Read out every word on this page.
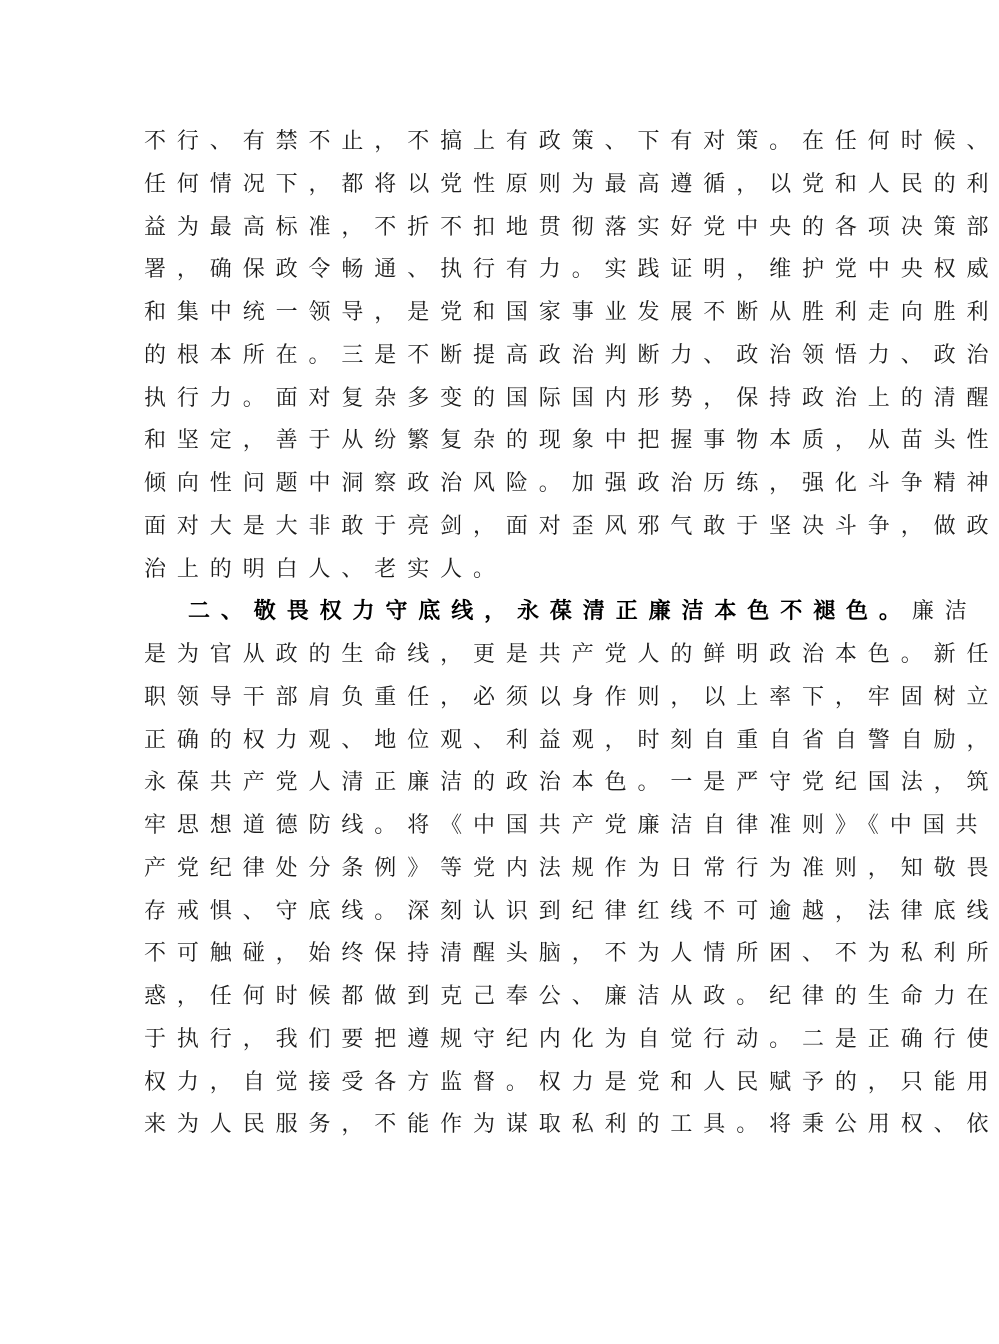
不行、有禁不止，不搞上有政策、下有对策。在任何时候、
任何情况下，都将以党性原则为最高遵循，以党和人民的利
益为最高标准，不折不扣地贯彻落实好党中央的各项决策部
署，确保政令畅通、执行有力。实践证明，维护党中央权威
和集中统一领导，是党和国家事业发展不断从胜利走向胜利
的根本所在。三是不断提高政治判断力、政治领悟力、政治
执行力。面对复杂多变的国际国内形势，保持政治上的清醒
和坚定，善于从纷繁复杂的现象中把握事物本质，从苗头性
倾向性问题中洞察政治风险。加强政治历练，强化斗争精神
面对大是大非敢于亮剑，面对歪风邪气敢于坚决斗争，做政
治上的明白人、老实人。
二、敬畏权力守底线，永葆清正廉洁本色不褪色。廉洁
是为官从政的生命线，更是共产党人的鲜明政治本色。新任
职领导干部肩负重任，必须以身作则，以上率下，牢固树立
正确的权力观、地位观、利益观，时刻自重自省自警自励，
永葆共产党人清正廉洁的政治本色。一是严守党纪国法，筑
牢思想道德防线。将《中国共产党廉洁自律准则》《中国共
产党纪律处分条例》等党内法规作为日常行为准则，知敬畏
存戒惧、守底线。深刻认识到纪律红线不可逾越，法律底线
不可触碰，始终保持清醒头脑，不为人情所困、不为私利所
惑，任何时候都做到克己奉公、廉洁从政。纪律的生命力在
于执行，我们要把遵规守纪内化为自觉行动。二是正确行使
权力，自觉接受各方监督。权力是党和人民赋予的，只能用
来为人民服务，不能作为谋取私利的工具。将秉公用权、依
